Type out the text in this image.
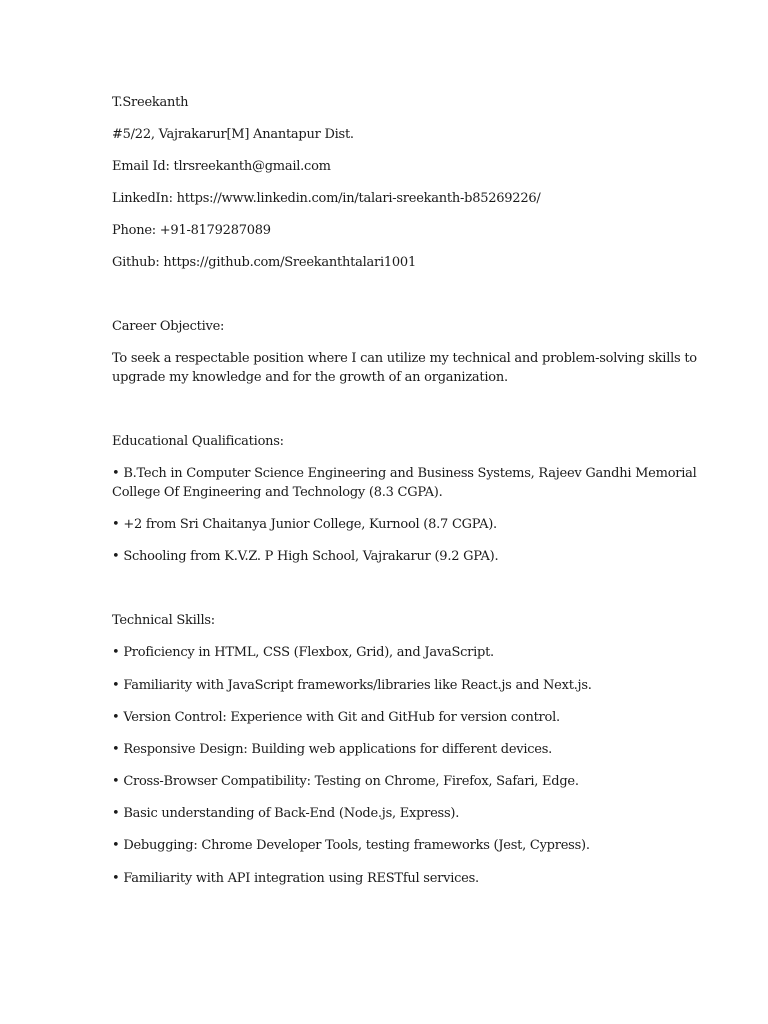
T.Sreekanth
#5/22, Vajrakarur[M] Anantapur Dist.
Email Id: tlrsreekanth@gmail.com
LinkedIn: https://www.linkedin.com/in/talari-sreekanth-b85269226/
Phone: +91-8179287089
Github: https://github.com/Sreekanthtalari1001
Career Objective:
To seek a respectable position where I can utilize my technical and problem-solving skills to
upgrade my knowledge and for the growth of an organization.
Educational Qualifications:
• B.Tech in Computer Science Engineering and Business Systems, Rajeev Gandhi Memorial
College Of Engineering and Technology (8.3 CGPA).
• +2 from Sri Chaitanya Junior College, Kurnool (8.7 CGPA).
• Schooling from K.V.Z. P High School, Vajrakarur (9.2 GPA).
Technical Skills:
• Proficiency in HTML, CSS (Flexbox, Grid), and JavaScript.
• Familiarity with JavaScript frameworks/libraries like React.js and Next.js.
• Version Control: Experience with Git and GitHub for version control.
• Responsive Design: Building web applications for different devices.
• Cross-Browser Compatibility: Testing on Chrome, Firefox, Safari, Edge.
• Basic understanding of Back-End (Node.js, Express).
• Debugging: Chrome Developer Tools, testing frameworks (Jest, Cypress).
• Familiarity with API integration using RESTful services.
